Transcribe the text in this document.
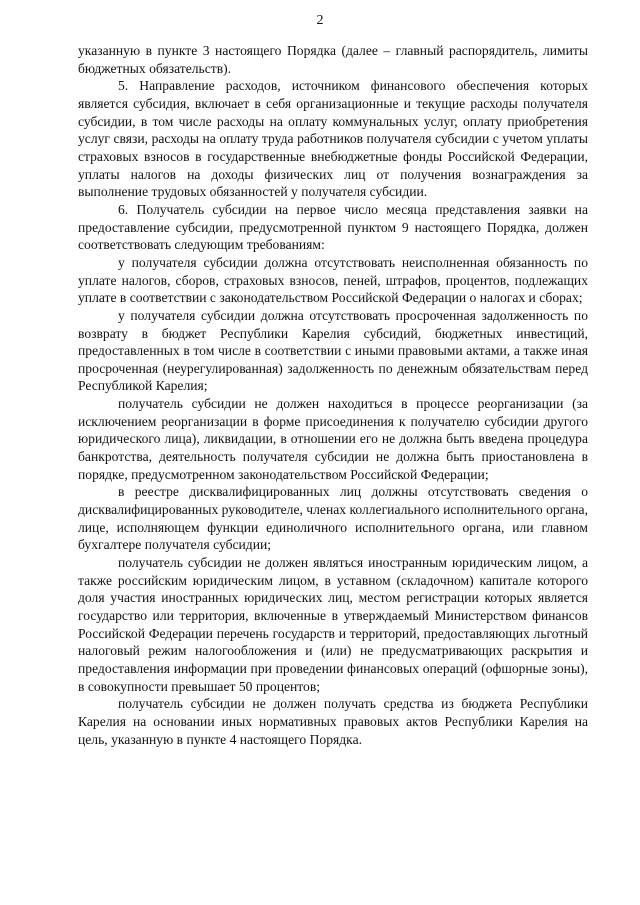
2

указанную в пункте 3 настоящего Порядка (далее – главный распорядитель, лимиты бюджетных обязательств).

5. Направление расходов, источником финансового обеспечения которых является субсидия, включает в себя организационные и текущие расходы получателя субсидии, в том числе расходы на оплату коммунальных услуг, оплату приобретения услуг связи, расходы на оплату труда работников получателя субсидии с учетом уплаты страховых взносов в государственные внебюджетные фонды Российской Федерации, уплаты налогов на доходы физических лиц от получения вознаграждения за выполнение трудовых обязанностей у получателя субсидии.

6. Получатель субсидии на первое число месяца представления заявки на предоставление субсидии, предусмотренной пунктом 9 настоящего Порядка, должен соответствовать следующим требованиям:

у получателя субсидии должна отсутствовать неисполненная обязанность по уплате налогов, сборов, страховых взносов, пеней, штрафов, процентов, подлежащих уплате в соответствии с законодательством Российской Федерации о налогах и сборах;

у получателя субсидии должна отсутствовать просроченная задолженность по возврату в бюджет Республики Карелия субсидий, бюджетных инвестиций, предоставленных в том числе в соответствии с иными правовыми актами, а также иная просроченная (неурегулированная) задолженность по денежным обязательствам перед Республикой Карелия;

получатель субсидии не должен находиться в процессе реорганизации (за исключением реорганизации в форме присоединения к получателю субсидии другого юридического лица), ликвидации, в отношении его не должна быть введена процедура банкротства, деятельность получателя субсидии не должна быть приостановлена в порядке, предусмотренном законодательством Российской Федерации;

в реестре дисквалифицированных лиц должны отсутствовать сведения о дисквалифицированных руководителе, членах коллегиального исполнительного органа, лице, исполняющем функции единоличного исполнительного органа, или главном бухгалтере получателя субсидии;

получатель субсидии не должен являться иностранным юридическим лицом, а также российским юридическим лицом, в уставном (складочном) капитале которого доля участия иностранных юридических лиц, местом регистрации которых является государство или территория, включенные в утверждаемый Министерством финансов Российской Федерации перечень государств и территорий, предоставляющих льготный налоговый режим налогообложения и (или) не предусматривающих раскрытия и предоставления информации при проведении финансовых операций (офшорные зоны), в совокупности превышает 50 процентов;

получатель субсидии не должен получать средства из бюджета Республики Карелия на основании иных нормативных правовых актов Республики Карелия на цель, указанную в пункте 4 настоящего Порядка.
